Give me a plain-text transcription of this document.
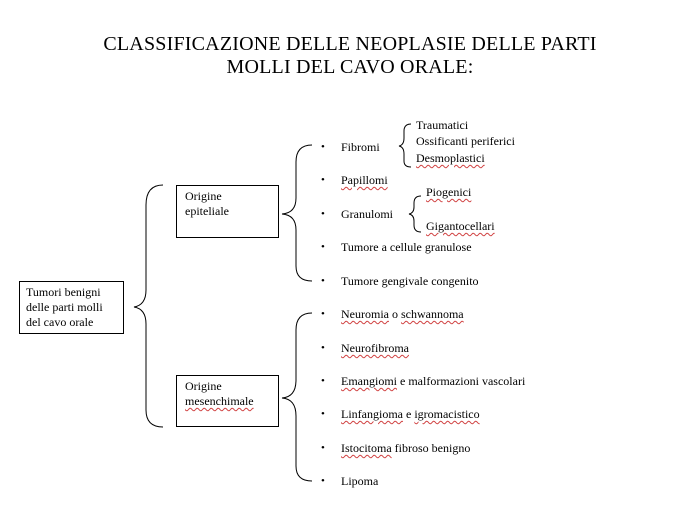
CLASSIFICAZIONE DELLE NEOPLASIE DELLE PARTI
MOLLI DEL CAVO ORALE:
Tumori benigni
delle parti molli
del cavo orale
Origine
epiteliale
Origine
mesenchimale
• Fibromi
• Papillomi
• Granulomi
• Tumore a cellule granulose
• Tumore gengivale congenito
Traumatici
Ossificanti periferici
Desmoplastici
Piogenici
Gigantocellari
• Neuromia o schwannoma
• Neurofibroma
• Emangiomi e malformazioni vascolari
• Linfangioma e igromacistico
• Istocitoma fibroso benigno
• Lipoma
